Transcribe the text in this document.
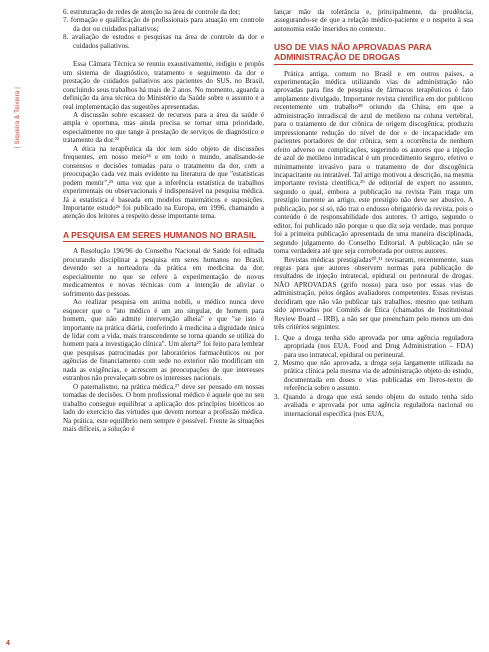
| Siqueira & Teixeira |
6. estruturação de redes de atenção na área de controle da dor;
7. formação e qualificação de profissionais para atuação em controle da dor ou cuidados paliativos;
8. avaliação de estudos e pesquisas na área de controle da dor e cuidados paliativos.

Essa Câmara Técnica se reuniu exaustivamente, redigiu e propôs um sistema de diagnóstico, tratamento e seguimento da dor e prestação de cuidados paliativos aos pacientes do SUS, no Brasil, concluindo seus trabalhos há mais de 2 anos. No momento, aguarda a definição da área técnica do Ministério da Saúde sobre o assunto e a real implementação das sugestões apresentadas.

A discussão sobre escassez de recursos para a área da saúde é ampla e oportuna, mas ainda precisa se tornar uma prioridade, especialmente no que tange à prestação de serviços de diagnóstico e tratamento da dor.²³

A ética na terapêutica da dor tem sido objeto de discussões frequentes, em nosso meio²⁴ e em todo o mundo, analisando-se consensos e decisões tomadas para o tratamento da dor, com a preocupação cada vez mais evidente na literatura de que "estatísticas podem mentir",²⁵ uma vez que a inferência estatística de trabalhos experimentais ou observacionais é indispensável na pesquisa médica. Já a estatística é baseada em modelos matemáticos e suposições. Importante estudo²⁶ foi publicado na Europa, em 1996, chamando a atenção dos leitores a respeito desse importante tema.

A PESQUISA EM SERES HUMANOS NO BRASIL

A Resolução 196/96 do Conselho Nacional de Saúde foi editada procurando disciplinar a pesquisa em seres humanos no Brasil, devendo ser a norteadora da prática em medicina da dor, especialmente no que se refere à experimentação de novos medicamentos e novas técnicas com a intenção de aliviar o sofrimento das pessoas.

Ao realizar pesquisa em anima nobili, o médico nunca deve esquecer que o "ato médico é um ato singular, de homem para homem, que não admite intervenção alheia" e que "se isto é importante na prática diária, conferindo à medicina a dignidade única de lidar com a vida, mais transcendente se torna quando se utiliza do homem para a investigação clínica". Um alerta²⁷ foi feito para lembrar que pesquisas patrocinadas por laboratórios farmacêuticos ou por agências de financiamento com sede no exterior não modificam em nada as exigências, e acrescem as preocupações de que interesses estranhos não prevaleçam sobre os interesses nacionais.

O paternalismo, na prática médica,²⁷ deve ser pensado em nossas tomadas de decisões. O bom profissional médico é aquele que no seu trabalho consegue equilibrar a aplicação dos princípios bioéticos ao lado do exercício das virtudes que devem nortear a profissão médica. Na prática, este equilíbrio nem sempre é possível. Frente às situações mais difíceis, a solução é

lançar mão da tolerância e, principalmente, da prudência, assegurando-se de que a relação médico-paciente e o respeito à sua autonomia estão inseridos no contexto.

USO DE VIAS NÃO APROVADAS PARA ADMINISTRAÇÃO DE DROGAS

Prática antiga, comum no Brasil e em outros países, a experimentação médica utilizando vias de administração não aprovadas para fins de pesquisa de fármacos terapêuticos é fato amplamente divulgado. Importante revista científica em dor publicou recentemente um trabalho²⁸ oriundo da China, em que a administração intradiscal de azul de metileno na coluna vertebral, para o tratamento de dor crônica de origem discogênica, produziu impressionante redução do nível de dor e de incapacidade em pacientes portadores de dor crônica, sem a ocorrência de nenhum efeito adverso ou complicações, sugerindo os autores que a injeção de azul de metileno intradiscal é um procedimento seguro, efetivo e minimamente invasivo para o tratamento de dor discogênica incapacitante ou intratável. Tal artigo motivou a descrição, na mesma importante revista científica,²⁹ de editorial de expert no assunto, segundo o qual, embora a publicação na revista Pain traga um prestígio inerente ao artigo, este prestígio não deve ser abusivo. A publicação, por si só, não traz o endosso obrigatório da revista, pois o conteúdo é de responsabilidade dos autores. O artigo, segundo o editor, foi publicado não porque o que diz seja verdade, mas porque foi a primeira publicação apresentada de uma maneira disciplinada, segundo julgamento do Conselho Editorial. A publicação não se torna verdadeira até que seja corroborada por outros autores.

Revistas médicas prestigiadas³⁰,³¹ revisaram, recentemente, suas regras para que autores observem normas para publicação de resultados de injeção intratecal, epidural ou perineural de drogas. NÃO APROVADAS (grifo nosso) para uso por essas vias de administração, pelos órgãos avaliadores competentes. Essas revistas decidiram que não vão publicar tais trabalhos, mesmo que tenham sido aprovados por Comitês de Ética (chamados de Institutional Review Board – IRB), a não ser que preencham pelo menos um dos três critérios seguintes:

1. Que a droga tenha sido aprovada por uma agência reguladora apropriada (nos EUA, Food and Drug Administration – FDA) para uso intratecal, epidural ou perineural.
2. Mesmo que não aprovada, a droga seja largamente utilizada na prática clínica pela mesma via de administração objeto do estudo, documentada em doses e vias publicadas em livros-texto de referência sobre o assunto.
3. Quando a droga que está sendo objeto do estudo tenha sido avaliada e aprovada por uma agência reguladora nacional ou internacional específica (nos EUA,
4
